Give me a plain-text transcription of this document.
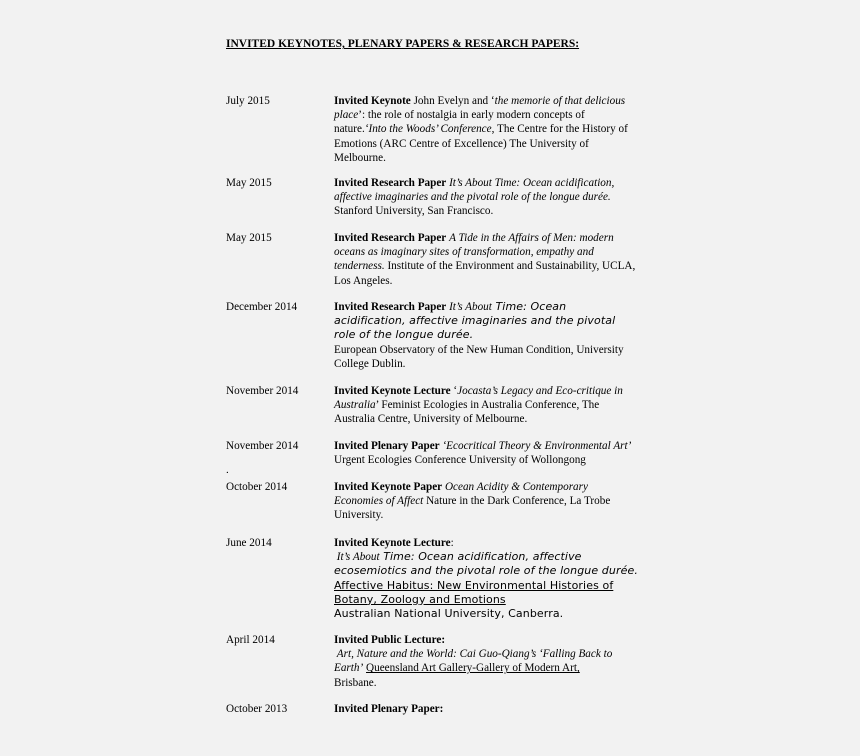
INVITED KEYNOTES, PLENARY PAPERS & RESEARCH PAPERS:
July 2015	Invited Keynote John Evelyn and ‘the memorie of that delicious place’: the role of nostalgia in early modern concepts of nature.‘Into the Woods’ Conference, The Centre for the History of Emotions (ARC Centre of Excellence) The University of Melbourne.
May 2015	Invited Research Paper It’s About Time: Ocean acidification, affective imaginaries and the pivotal role of the longue durée.
Stanford University, San Francisco.
May 2015	Invited Research Paper A Tide in the Affairs of Men: modern oceans as imaginary sites of transformation, empathy and tenderness. Institute of the Environment and Sustainability, UCLA, Los Angeles.
December 2014	Invited Research Paper It’s About Time: Ocean acidification, affective imaginaries and the pivotal role of the longue durée.
European Observatory of the New Human Condition, University College Dublin.
November 2014	Invited Keynote Lecture ‘Jocasta’s Legacy and Eco-critique in Australia’ Feminist Ecologies in Australia Conference, The Australia Centre, University of Melbourne.
November 2014	Invited Plenary Paper ‘Ecocritical Theory & Environmental Art’ Urgent Ecologies Conference University of Wollongong
.
October 2014	Invited Keynote Paper Ocean Acidity & Contemporary Economies of Affect Nature in the Dark Conference, La Trobe University.
June 2014	Invited Keynote Lecture:
It’s About Time: Ocean acidification, affective ecosemiotics and the pivotal role of the longue durée. Affective Habitus: New Environmental Histories of Botany, Zoology and Emotions
Australian National University, Canberra.
April 2014	Invited Public Lecture:
Art, Nature and the World: Cai Guo-Qiang’s ‘Falling Back to Earth’ Queensland Art Gallery-Gallery of Modern Art,
Brisbane.
October 2013	Invited Plenary Paper:
